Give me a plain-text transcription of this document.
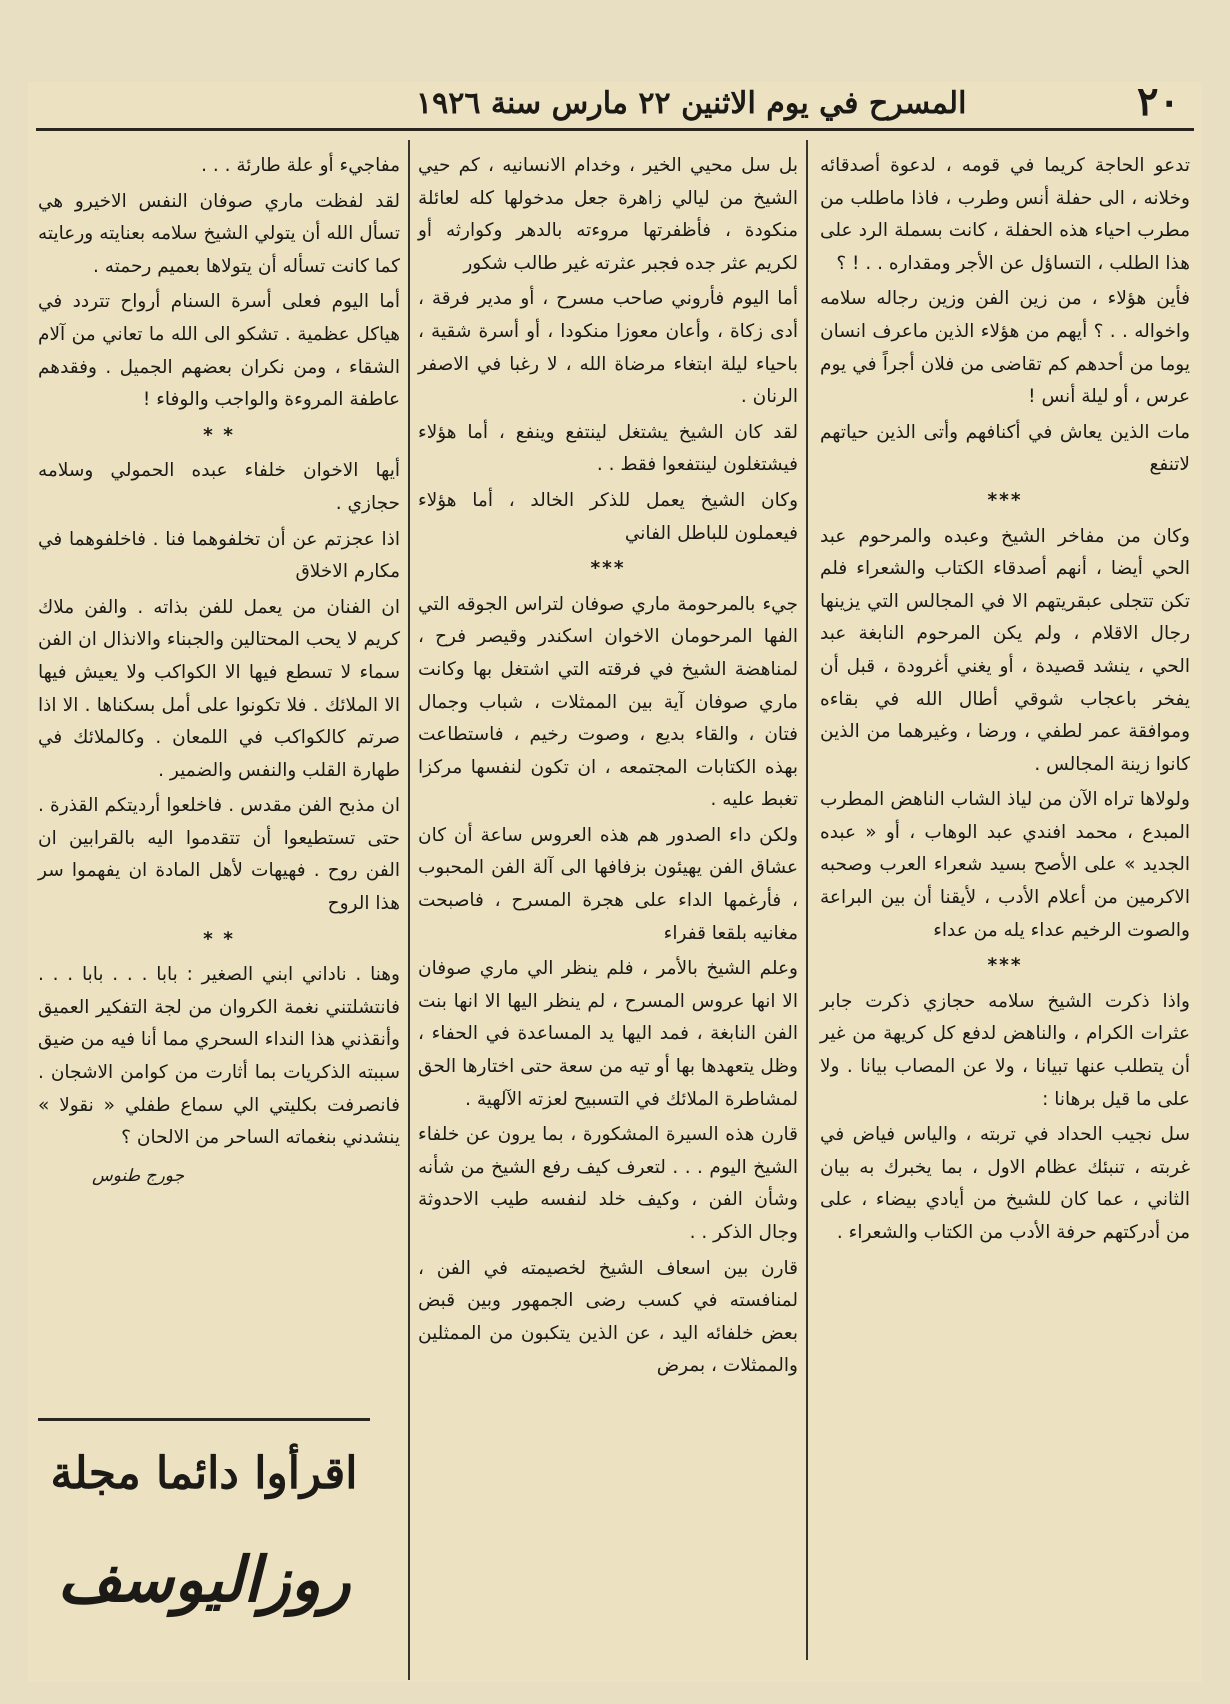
٢٠
المسرح في يوم الاثنين ٢٢ مارس سنة ١٩٢٦

تدعو الحاجة كريما في قومه ، لدعوة أصدقائه وخلانه ، الى حفلة أنس وطرب ، فاذا ماطلب من مطرب احياء هذه الحفلة ، كانت بسملة الرد على هذا الطلب ، التساؤل عن الأجر ومقداره . . ! ؟

فأين هؤلاء ، من زين الفن وزين رجاله سلامه واخواله . . ؟ أيهم من هؤلاء الذين ماعرف انسان يوما من أحدهم كم تقاضى من فلان أجراً في يوم عرس ، أو ليلة أنس !

مات الذين يعاش في أكنافهم وأتى الذين حياتهم لاتنفع

***

وكان من مفاخر الشيخ وعبده والمرحوم عبد الحي أيضا ، أنهم أصدقاء الكتاب والشعراء فلم تكن تتجلى عبقريتهم الا في المجالس التي يزينها رجال الاقلام ، ولم يكن المرحوم النابغة عبد الحي ، ينشد قصيدة ، أو يغني أغرودة ، قبل أن يفخر باعجاب شوقي أطال الله في بقاءه وموافقة عمر لطفي ، ورضا ، وغيرهما من الذين كانوا زينة المجالس .

ولولاها تراه الآن من لياذ الشاب الناهض المطرب المبدع ، محمد افندي عبد الوهاب ، أو « عبده الجديد » على الأصح بسيد شعراء العرب وصحبه الاكرمين من أعلام الأدب ، لأيقنا أن بين البراعة والصوت الرخيم عداء يله من عداء

***

واذا ذكرت الشيخ سلامه حجازي ذكرت جابر عثرات الكرام ، والناهض لدفع كل كريهة من غير أن يتطلب عنها تبيانا ، ولا عن المصاب بيانا . ولا على ما قيل برهانا :

سل نجيب الحداد في تربته ، والياس فياض في غربته ، تنبئك عظام الاول ، بما يخبرك به بيان الثاني ، عما كان للشيخ من أيادي بيضاء ، على من أدركتهم حرفة الأدب من الكتاب والشعراء .

بل سل محيي الخير ، وخدام الانسانيه ، كم حيي الشيخ من ليالي زاهرة جعل مدخولها كله لعائلة منكودة ، فأظفرتها مروءته بالدهر وكوارثه أو لكريم عثر جده فجبر عثرته غير طالب شكور

أما اليوم فأروني صاحب مسرح ، أو مدير فرقة ، أدى زكاة ، وأعان معوزا منكودا ، أو أسرة شقية ، باحياء ليلة ابتغاء مرضاة الله ، لا رغبا في الاصفر الرنان .

لقد كان الشيخ يشتغل لينتفع وينفع ، أما هؤلاء فيشتغلون لينتفعوا فقط . .

وكان الشيخ يعمل للذكر الخالد ، أما هؤلاء فيعملون للباطل الفاني

***

جيء بالمرحومة ماري صوفان لتراس الجوقه التي الفها المرحومان الاخوان اسكندر وقيصر فرح ، لمناهضة الشيخ في فرقته التي اشتغل بها وكانت ماري صوفان آية بين الممثلات ، شباب وجمال فتان ، والقاء بديع ، وصوت رخيم ، فاستطاعت بهذه الكتابات المجتمعه ، ان تكون لنفسها مركزا تغبط عليه .

ولكن داء الصدور هم هذه العروس ساعة أن كان عشاق الفن يهيئون بزفافها الى آلة الفن المحبوب ، فأرغمها الداء على هجرة المسرح ، فاصبحت مغانيه بلقعا قفراء

وعلم الشيخ بالأمر ، فلم ينظر الي ماري صوفان الا انها عروس المسرح ، لم ينظر اليها الا انها بنت الفن النابغة ، فمد اليها يد المساعدة في الحفاء ، وظل يتعهدها بها أو تيه من سعة حتى اختارها الحق لمشاطرة الملائك في التسبيح لعزته الآلهية .

قارن هذه السيرة المشكورة ، بما يرون عن خلفاء الشيخ اليوم . . . لتعرف كيف رفع الشيخ من شأنه وشأن الفن ، وكيف خلد لنفسه طيب الاحدوثة وجال الذكر . .

قارن بين اسعاف الشيخ لخصيمته في الفن ، لمنافسته في كسب رضى الجمهور وبين قبض بعض خلفائه اليد ، عن الذين يتكبون من الممثلين والممثلات ، بمرض

مفاجيء أو علة طارئة . . .

لقد لفظت ماري صوفان النفس الاخيرو هي تسأل الله أن يتولي الشيخ سلامه بعنايته ورعايته كما كانت تسأله أن يتولاها بعميم رحمته .

أما اليوم فعلى أسرة السنام أرواح تتردد في هياكل عظمية . تشكو الى الله ما تعاني من آلام الشقاء ، ومن نكران بعضهم الجميل . وفقدهم عاطفة المروءة والواجب والوفاء !

* *

أيها الاخوان خلفاء عبده الحمولي وسلامه حجازي .

اذا عجزتم عن أن تخلفوهما فنا . فاخلفوهما في مكارم الاخلاق

ان الفنان من يعمل للفن بذاته . والفن ملاك كريم لا يحب المحتالين والجبناء والانذال ان الفن سماء لا تسطع فيها الا الكواكب ولا يعيش فيها الا الملائك . فلا تكونوا على أمل بسكناها . الا اذا صرتم كالكواكب في اللمعان . وكالملائك في طهارة القلب والنفس والضمير .

ان مذبح الفن مقدس . فاخلعوا أرديتكم القذرة . حتى تستطيعوا أن تتقدموا اليه بالقرابين ان الفن روح . فهيهات لأهل المادة ان يفهموا سر هذا الروح

* *

وهنا . ناداني ابني الصغير : بابا . . . بابا . . . فانتشلتني نغمة الكروان من لجة التفكير العميق وأنقذني هذا النداء السحري مما أنا فيه من ضيق سببته الذكريات بما أثارت من كوامن الاشجان . فانصرفت بكليتي الي سماع طفلي « نقولا » ينشدني بنغماته الساحر من الالحان ؟

جورج طنوس

اقرأوا دائما مجلة
روزاليوسف
